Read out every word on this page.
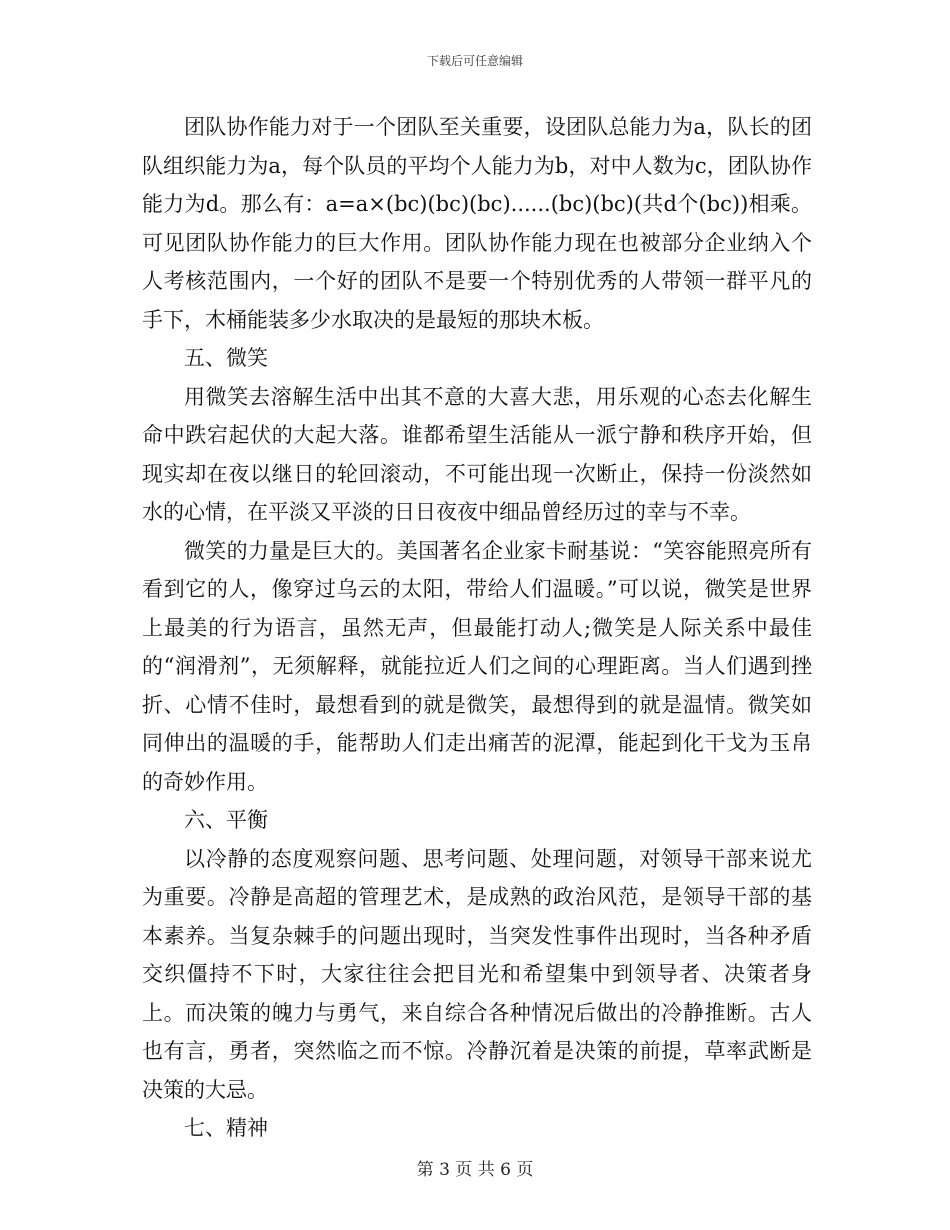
下载后可任意编辑

团队协作能力对于一个团队至关重要，设团队总能力为a，队长的团队组织能力为a，每个队员的平均个人能力为b，对中人数为c，团队协作能力为d。那么有：a=a×(bc)(bc)(bc)......(bc)(bc)(共d个(bc))相乘。可见团队协作能力的巨大作用。团队协作能力现在也被部分企业纳入个人考核范围内，一个好的团队不是要一个特别优秀的人带领一群平凡的手下，木桶能装多少水取决的是最短的那块木板。

五、微笑

用微笑去溶解生活中出其不意的大喜大悲，用乐观的心态去化解生命中跌宕起伏的大起大落。谁都希望生活能从一派宁静和秩序开始，但现实却在夜以继日的轮回滚动，不可能出现一次断止，保持一份淡然如水的心情，在平淡又平淡的日日夜夜中细品曾经历过的幸与不幸。

微笑的力量是巨大的。美国著名企业家卡耐基说：“笑容能照亮所有看到它的人，像穿过乌云的太阳，带给人们温暖。”可以说，微笑是世界上最美的行为语言，虽然无声，但最能打动人;微笑是人际关系中最佳的“润滑剂”，无须解释，就能拉近人们之间的心理距离。当人们遇到挫折、心情不佳时，最想看到的就是微笑，最想得到的就是温情。微笑如同伸出的温暖的手，能帮助人们走出痛苦的泥潭，能起到化干戈为玉帛的奇妙作用。

六、平衡

以冷静的态度观察问题、思考问题、处理问题，对领导干部来说尤为重要。冷静是高超的管理艺术，是成熟的政治风范，是领导干部的基本素养。当复杂棘手的问题出现时，当突发性事件出现时，当各种矛盾交织僵持不下时，大家往往会把目光和希望集中到领导者、决策者身上。而决策的魄力与勇气，来自综合各种情况后做出的冷静推断。古人也有言，勇者，突然临之而不惊。冷静沉着是决策的前提，草率武断是决策的大忌。

七、精神

第 3 页 共 6 页
